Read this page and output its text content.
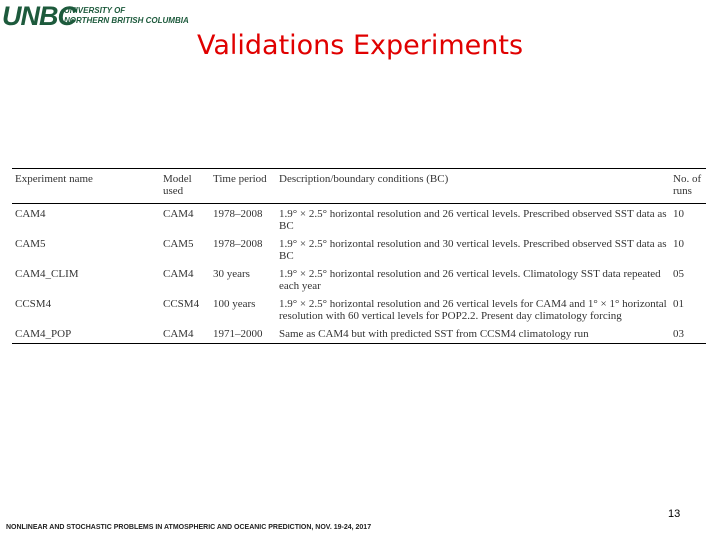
UNBC
UNIVERSITY OF
NORTHERN BRITISH COLUMBIA
Validations Experiments
Experiment name	Model used	Time period	Description/boundary conditions (BC)	No. of runs
CAM4	CAM4	1978–2008	1.9° × 2.5° horizontal resolution and 26 vertical levels. Prescribed observed SST data as BC	10
CAM5	CAM5	1978–2008	1.9° × 2.5° horizontal resolution and 30 vertical levels. Prescribed observed SST data as BC	10
CAM4_CLIM	CAM4	30 years	1.9° × 2.5° horizontal resolution and 26 vertical levels. Climatology SST data repeated each year	05
CCSM4	CCSM4	100 years	1.9° × 2.5° horizontal resolution and 26 vertical levels for CAM4 and 1° × 1° horizontal resolution with 60 vertical levels for POP2.2. Present day climatology forcing	01
CAM4_POP	CAM4	1971–2000	Same as CAM4 but with predicted SST from CCSM4 climatology run	03
13
NONLINEAR AND STOCHASTIC PROBLEMS IN ATMOSPHERIC AND OCEANIC PREDICTION, NOV. 19-24, 2017
